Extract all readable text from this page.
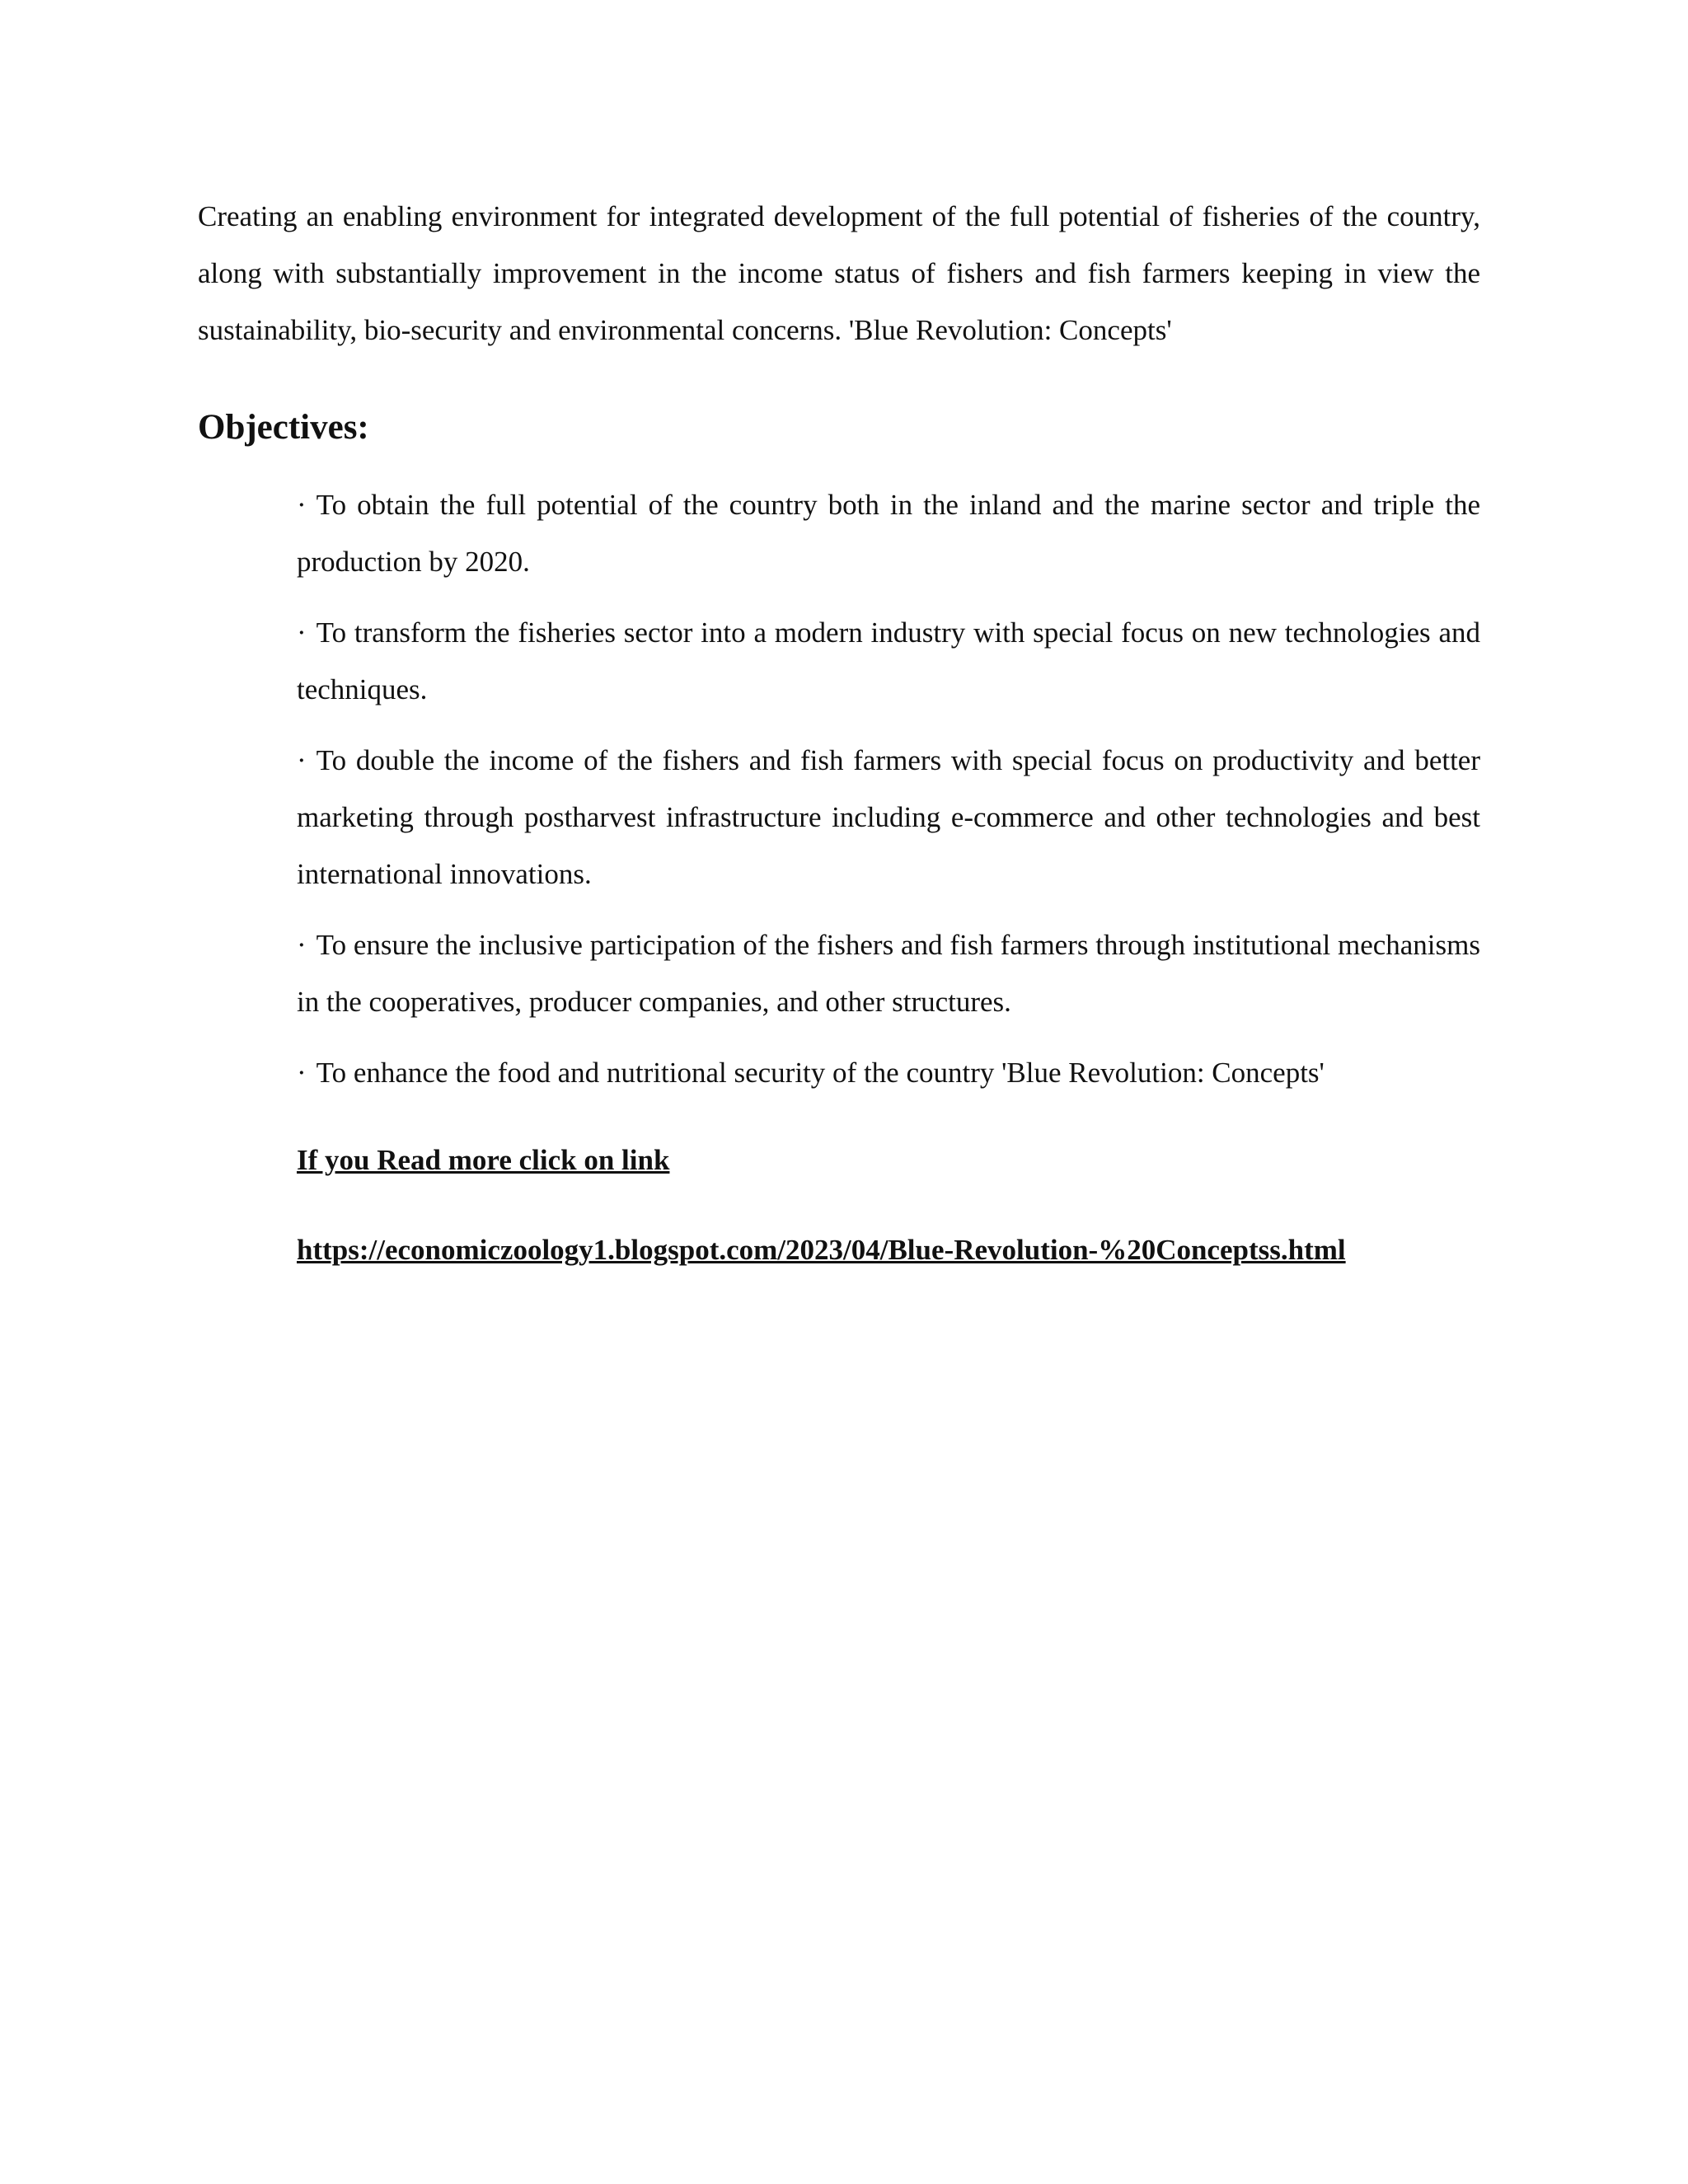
Creating an enabling environment for integrated development of the full potential of fisheries of the country, along with substantially improvement in the income status of fishers and fish farmers keeping in view the sustainability, bio-security and environmental concerns. 'Blue Revolution: Concepts'

Objectives:
· To obtain the full potential of the country both in the inland and the marine sector and triple the production by 2020.
· To transform the fisheries sector into a modern industry with special focus on new technologies and techniques.
· To double the income of the fishers and fish farmers with special focus on productivity and better marketing through postharvest infrastructure including e-commerce and other technologies and best international innovations.
· To ensure the inclusive participation of the fishers and fish farmers through institutional mechanisms in the cooperatives, producer companies, and other structures.
· To enhance the food and nutritional security of the country 'Blue Revolution: Concepts'

If you Read more click on link

https://economiczoology1.blogspot.com/2023/04/Blue-Revolution-%20Conceptss.html
